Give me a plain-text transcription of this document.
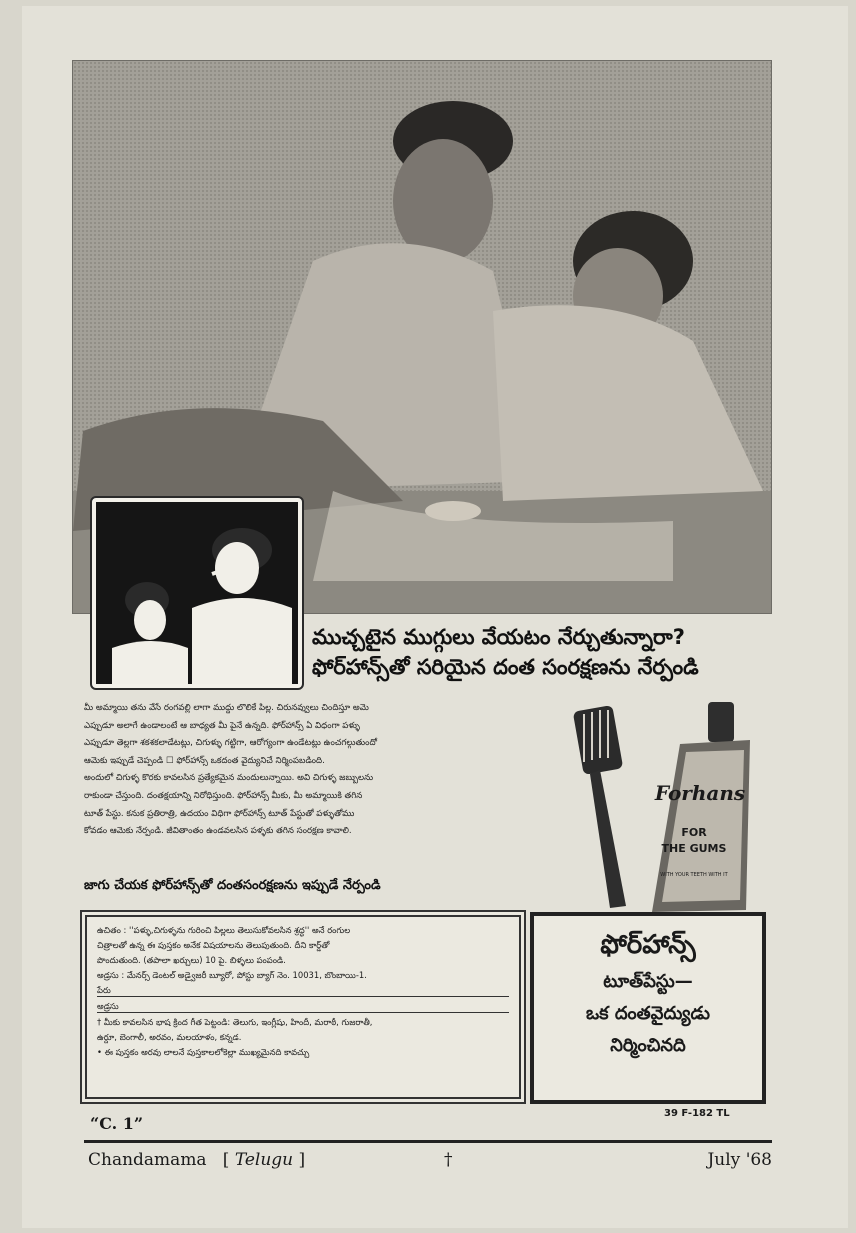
ముచ్చటైన ముగ్గులు వేయటం నేర్చుతున్నారా?
ఫోర్‌హాన్స్‌తో సరియైన దంత సంరక్షణను నేర్పండి
మీ అమ్మాయి తను వేసే రంగవల్లి లాగా ముద్దు లొలికే పిల్ల. చిరునవ్వులు చిందిస్తూ అమె
ఎప్పుడూ అలాగే ఉండాలంటే ఆ బాధ్యత మీ పైనే ఉన్నది. ఫోర్‌హాన్స్ ఏ విధంగా పళ్ళు
ఎప్పుడూ తెల్లగా శకశకలాడేటట్లు, చిగుళ్ళు గట్టిగా, ఆరోగ్యంగా ఉండేటట్లు ఉంచగల్గుతుందో
ఆమెకు ఇప్పుడే చెప్పండి ☐ ఫోర్‌హాన్స్ ఒకదంత వైద్యునిచే నిర్మింపబడింది.
అందులో చిగుళ్ళ కొరకు కావలసిన ప్రత్యేకమైన మందులున్నాయి. అవి చిగుళ్ళ జబ్బులను
రాకుండా చేస్తుంది. దంతక్షయాన్ని నిరోధిస్తుంది. ఫోర్‌హాన్స్ మీకు, మీ అమ్మాయికి తగిన
టూత్ పేస్టు. కనుక ప్రతిరాత్రి, ఉదయం విధిగా ఫోర్‌హాన్స్ టూత్ పేస్టుతో పళ్ళుతోము
కోవడం ఆమెకు నేర్పండి. జీవితాంతం ఉండవలసిన పళ్ళకు తగిన సంరక్షణ కావాలి.
Forhans
FOR
THE GUMS
WITH YOUR TEETH WITH IT
జాగు చేయక ఫోర్‌హాన్స్‌తో దంతసంరక్షణను ఇప్పుడే నేర్పండి
ఉచితం : ''పళ్ళు,చిగుళ్ళను గురించి పిల్లలు తెలుసుకోవలసిన శ్రద్ధ'' అనే రంగుల
చిత్రాలతో ఉన్న ఈ పుస్తకం అనేక విషయాలను తెలుపుతుంది. దీని కార్డ్‌తో
పొందుతుంది. (తపాలా ఖర్చులు) 10 పై. బిళ్ళలు పంపండి.
అడ్రసు : మేనర్స్ డెంటల్ అడ్వైజరీ బ్యూరో, పోస్టు బ్యాగ్ నెం. 10031, బొంబాయి-1.
పేరు
అడ్రసు
† మీకు కావలసిన భాష క్రింద గీత పెట్టండి: తెలుగు, ఇంగ్లీషు, హిందీ, మరాఠీ, గుజరాతీ,
ఉర్దూ, బెంగాలీ, అరవం, మలయాళం, కన్నడ.
• ఈ పుస్తకం అరవు లాలనే పుస్తకాలలోకెల్లా ముఖ్యమైనది కావచ్చు
ఫోర్‌హాన్స్
టూత్‌పేస్టు—
ఒక దంతవైద్యుడు
నిర్మించినది
39 F-182 TL
“C. 1”
Chandamama   [ Telugu ]	†	July '68
